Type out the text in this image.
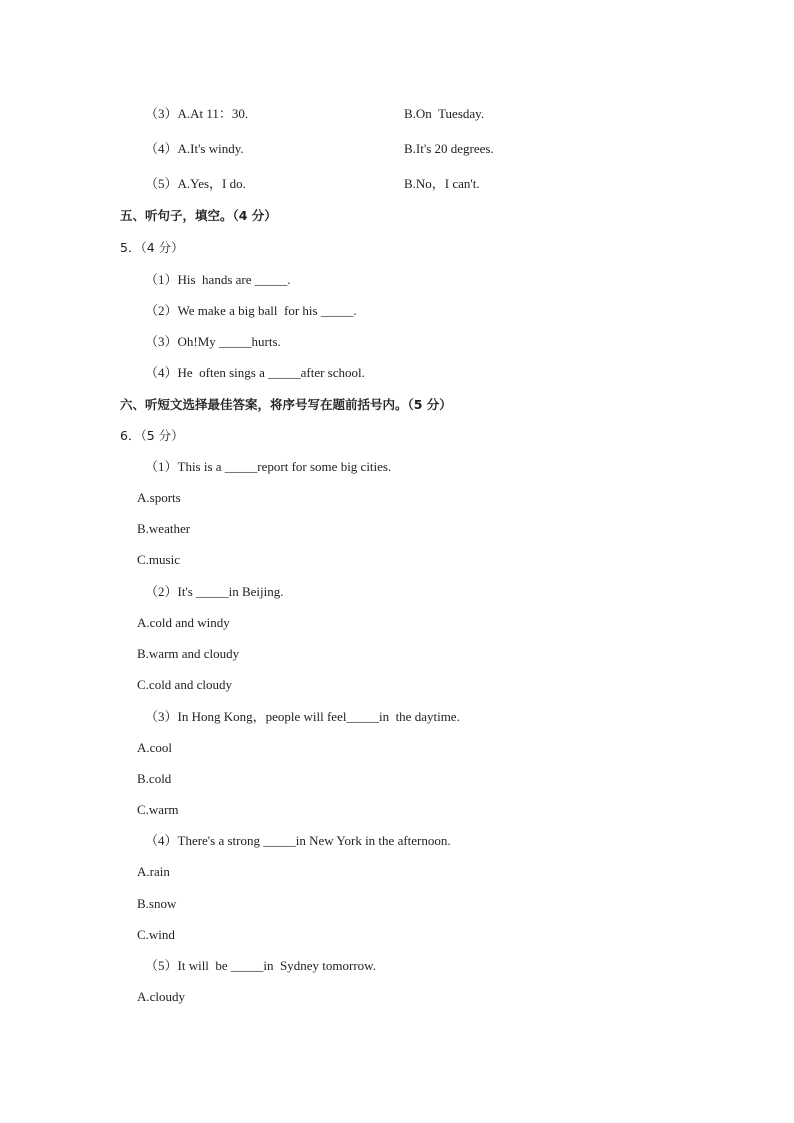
（3）A.At 11：30.	B.On  Tuesday.
（4）A.It's windy.	B.It's 20 degrees.
（5）A.Yes，I do.	B.No，I can't.
五、听句子，填空。（4 分）
5．（4 分）
（1）His  hands are _____.
（2）We make a big ball  for his _____.
（3）Oh!My _____hurts.
（4）He  often sings a _____after school.
六、听短文选择最佳答案，将序号写在题前括号内。（5 分）
6．（5 分）
（1）This is a _____report for some big cities.
A.sports
B.weather
C.music
（2）It's _____in Beijing.
A.cold and windy
B.warm and cloudy
C.cold and cloudy
（3）In Hong Kong，people will feel_____in  the daytime.
A.cool
B.cold
C.warm
（4）There's a strong _____in New York in the afternoon.
A.rain
B.snow
C.wind
（5）It will  be _____in  Sydney tomorrow.
A.cloudy
